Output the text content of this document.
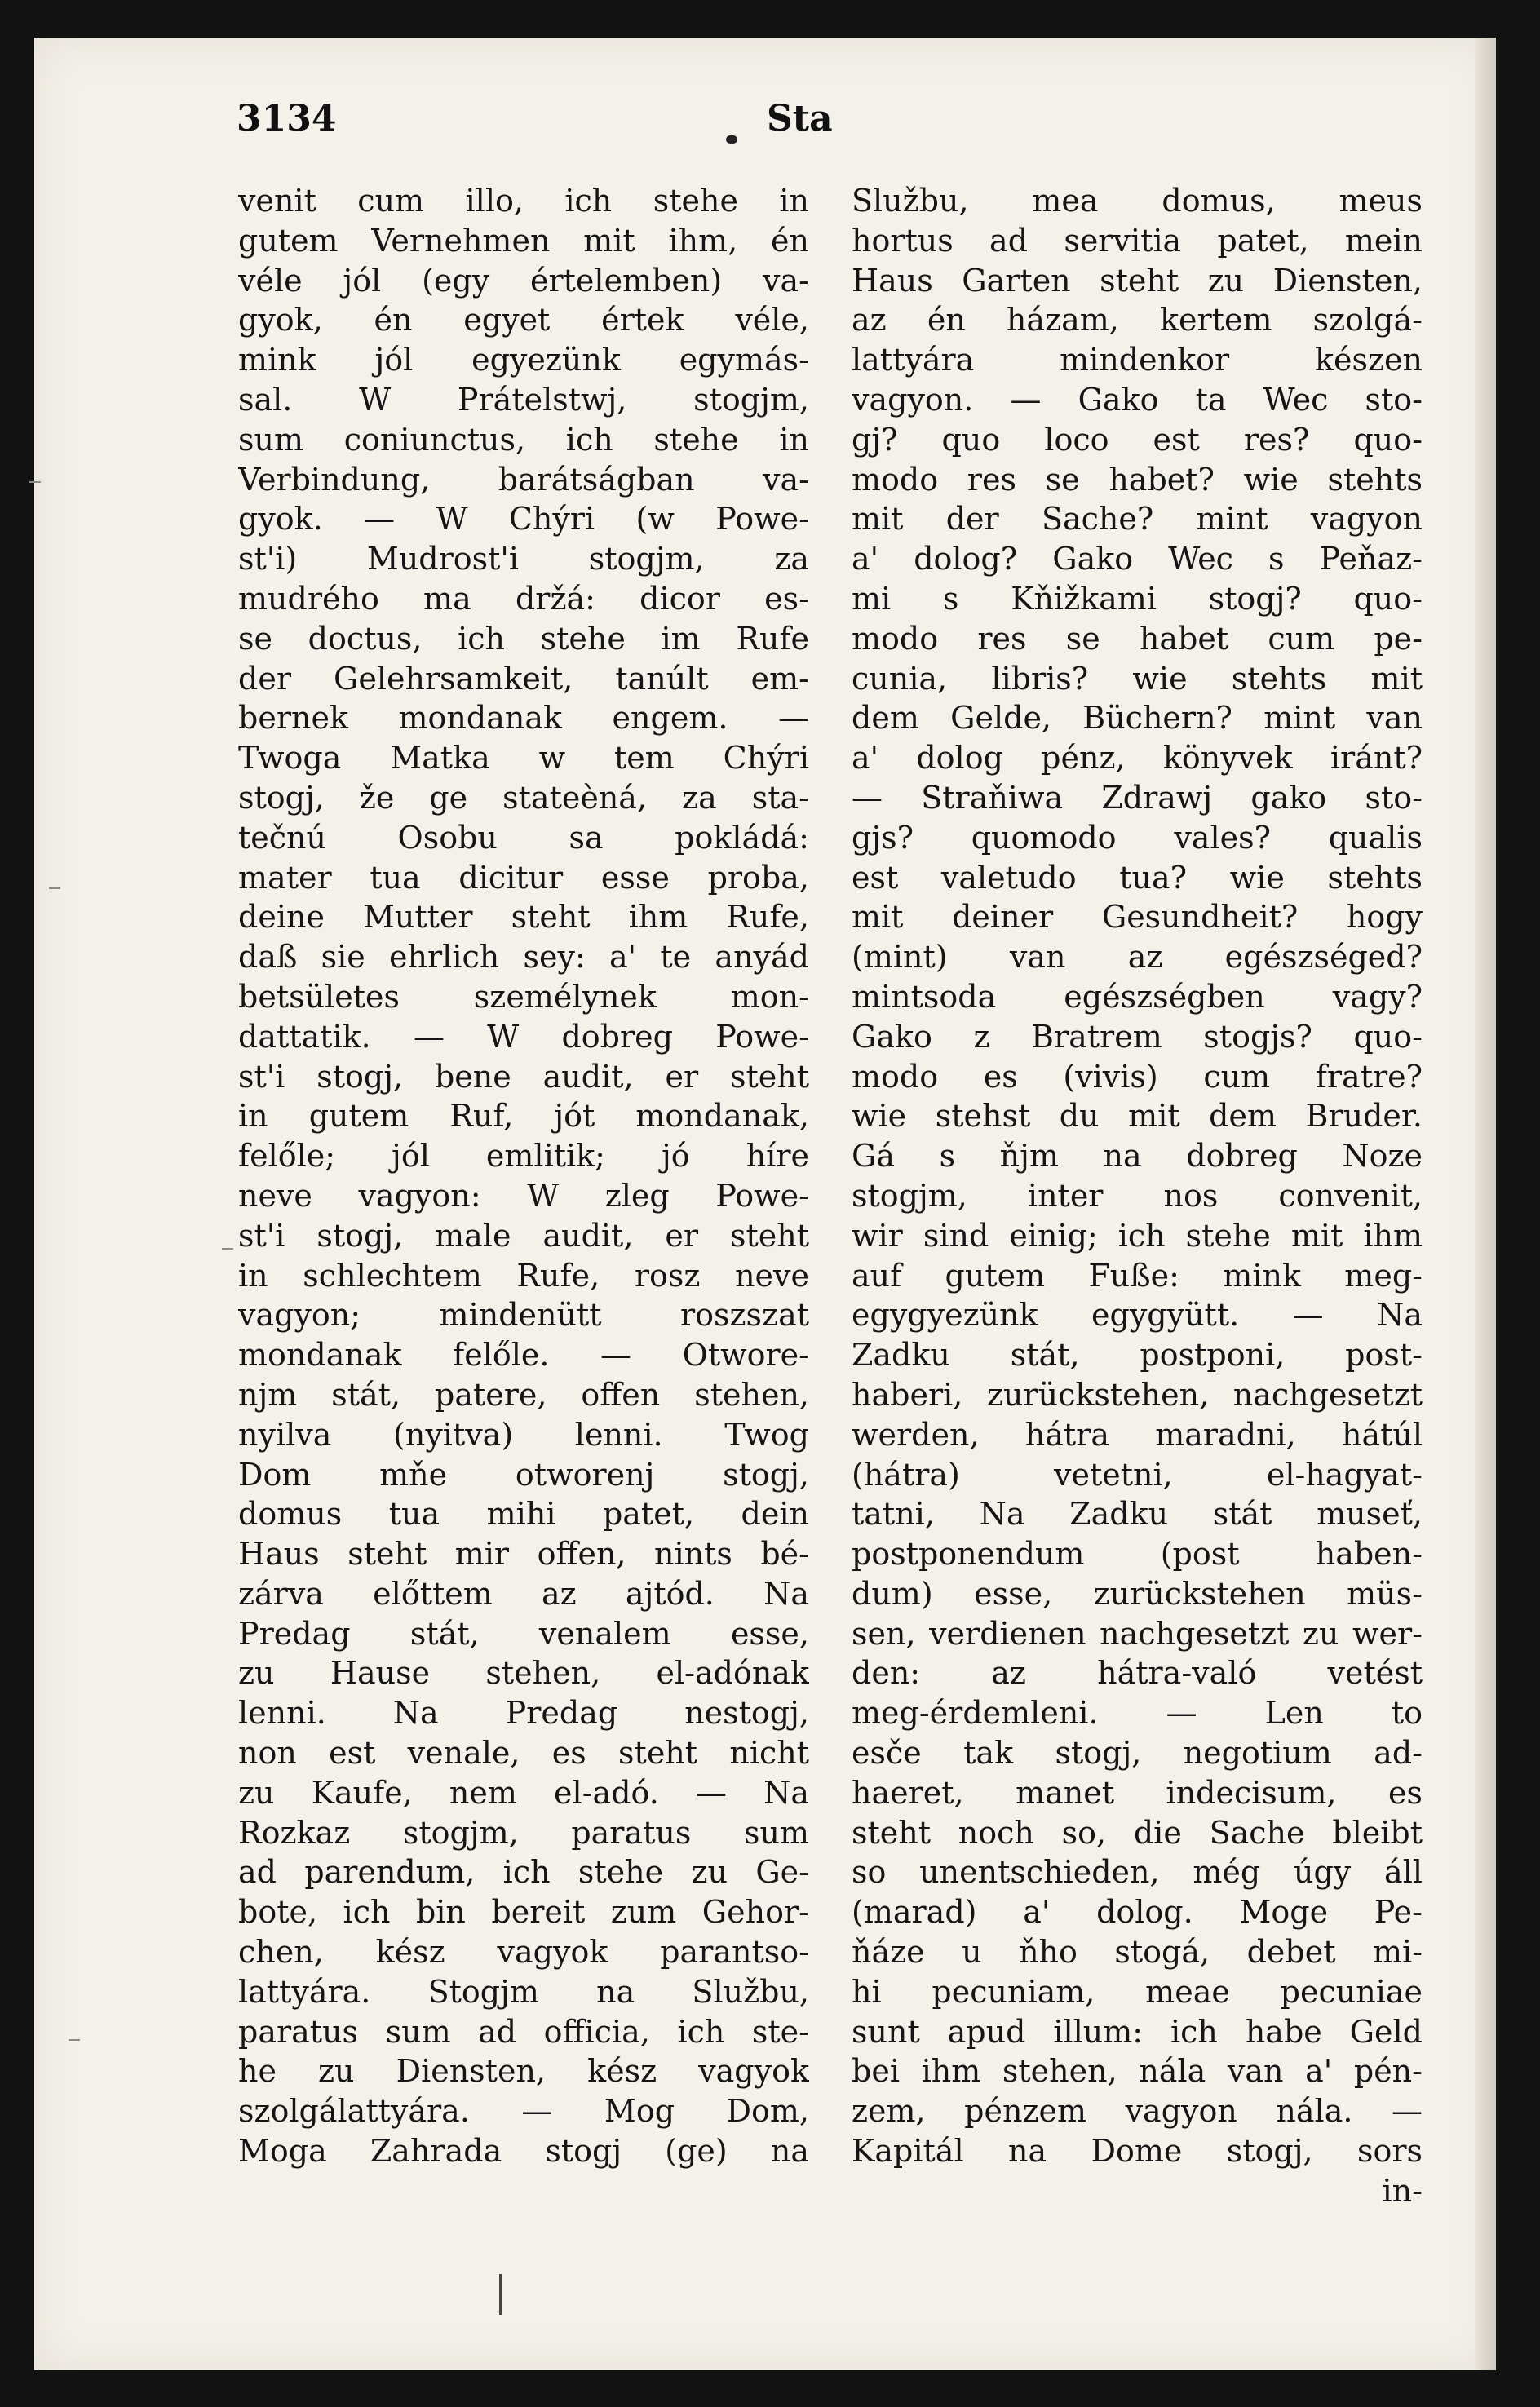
3134	Sta
venit cum illo, ich stehe in
gutem Vernehmen mit ihm, én
véle jól (egy értelemben) va-
gyok, én egyet értek véle,
mink jól egyezünk egymás-
sal. W Prátelstwj, stogjm,
sum coniunctus, ich stehe in
Verbindung, barátságban va-
gyok. — W Chýri (w Powe-
st'i) Mudrost'i stogjm, za
mudrého ma držá: dicor es-
se doctus, ich stehe im Rufe
der Gelehrsamkeit, tanúlt em-
bernek mondanak engem. —
Twoga Matka w tem Chýri
stogj, že ge stateèná, za sta-
tečnú Osobu sa pokládá:
mater tua dicitur esse proba,
deine Mutter steht ihm Rufe,
daß sie ehrlich sey: a' te anyád
betsületes személynek mon-
dattatik. — W dobreg Powe-
st'i stogj, bene audit, er steht
in gutem Ruf, jót mondanak,
felőle; jól emlitik; jó híre
neve vagyon: W zleg Powe-
st'i stogj, male audit, er steht
in schlechtem Rufe, rosz neve
vagyon; mindenütt roszszat
mondanak felőle. — Otwore-
njm stát, patere, offen stehen,
nyilva (nyitva) lenni. Twog
Dom mňe otworenj stogj,
domus tua mihi patet, dein
Haus steht mir offen, nints bé-
zárva előttem az ajtód. Na
Predag stát, venalem esse,
zu Hause stehen, el-adónak
lenni. Na Predag nestogj,
non est venale, es steht nicht
zu Kaufe, nem el-adó. — Na
Rozkaz stogjm, paratus sum
ad parendum, ich stehe zu Ge-
bote, ich bin bereit zum Gehor-
chen, kész vagyok parantso-
lattyára. Stogjm na Službu,
paratus sum ad officia, ich ste-
he zu Diensten, kész vagyok
szolgálattyára. — Mog Dom,
Moga Zahrada stogj (ge) na
Službu, mea domus, meus
hortus ad servitia patet, mein
Haus Garten steht zu Diensten,
az én házam, kertem szolgá-
lattyára mindenkor készen
vagyon. — Gako ta Wec sto-
gj? quo loco est res? quo-
modo res se habet? wie stehts
mit der Sache? mint vagyon
a' dolog? Gako Wec s Peňaz-
mi s Kňižkami stogj? quo-
modo res se habet cum pe-
cunia, libris? wie stehts mit
dem Gelde, Büchern? mint van
a' dolog pénz, könyvek iránt?
— Straňiwa Zdrawj gako sto-
gjs? quomodo vales? qualis
est valetudo tua? wie stehts
mit deiner Gesundheit? hogy
(mint) van az egészséged?
mintsoda egészségben vagy?
Gako z Bratrem stogjs? quo-
modo es (vivis) cum fratre?
wie stehst du mit dem Bruder.
Gá s ňjm na dobreg Noze
stogjm, inter nos convenit,
wir sind einig; ich stehe mit ihm
auf gutem Fuße: mink meg-
egygyezünk egygyütt. — Na
Zadku stát, postponi, post-
haberi, zurückstehen, nachgesetzt
werden, hátra maradni, hátúl
(hátra) vetetni, el-hagyat-
tatni, Na Zadku stát museť,
postponendum (post haben-
dum) esse, zurückstehen müs-
sen, verdienen nachgesetzt zu wer-
den: az hátra-való vetést
meg-érdemleni. — Len to
esče tak stogj, negotium ad-
haeret, manet indecisum, es
steht noch so, die Sache bleibt
so unentschieden, még úgy áll
(marad) a' dolog. Moge Pe-
ňáze u ňho stogá, debet mi-
hi pecuniam, meae pecuniae
sunt apud illum: ich habe Geld
bei ihm stehen, nála van a' pén-
zem, pénzem vagyon nála. —
Kapitál na Dome stogj, sors
in-
